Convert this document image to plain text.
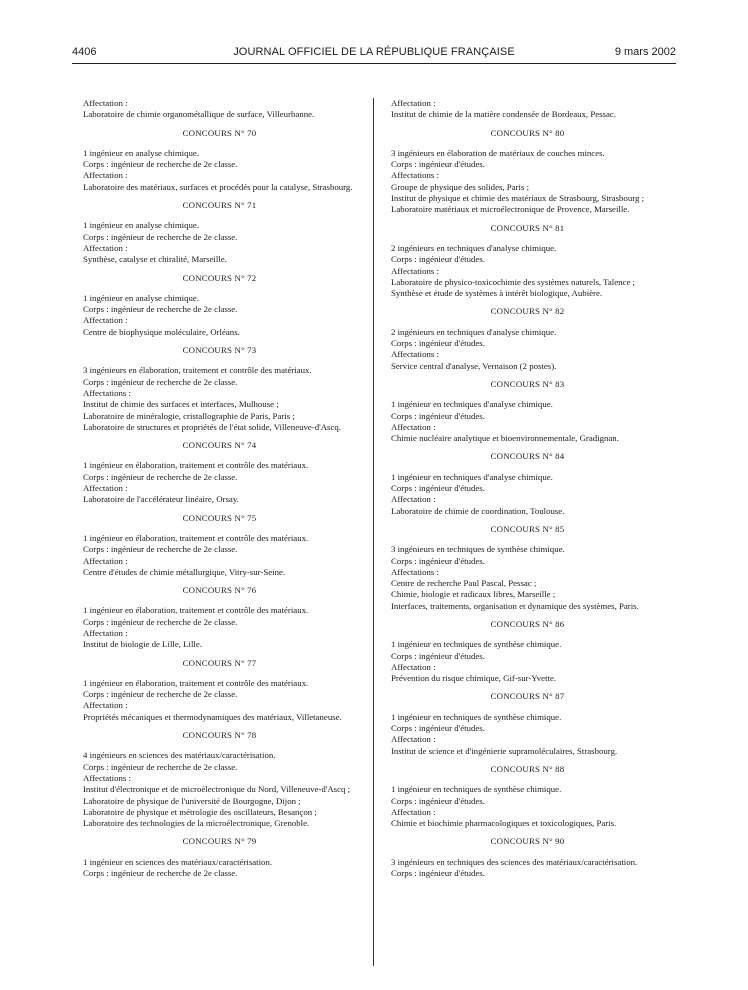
4406	JOURNAL OFFICIEL DE LA RÉPUBLIQUE FRANÇAISE	9 mars 2002
Affectation :
Laboratoire de chimie organométallique de surface, Villeurbanne.
CONCOURS N° 70
1 ingénieur en analyse chimique.
Corps : ingénieur de recherche de 2e classe.
Affectation :
Laboratoire des matériaux, surfaces et procédés pour la catalyse, Strasbourg.
CONCOURS N° 71
1 ingénieur en analyse chimique.
Corps : ingénieur de recherche de 2e classe.
Affectation :
Synthèse, catalyse et chiralité, Marseille.
CONCOURS N° 72
1 ingénieur en analyse chimique.
Corps : ingénieur de recherche de 2e classe.
Affectation :
Centre de biophysique moléculaire, Orléans.
CONCOURS N° 73
3 ingénieurs en élaboration, traitement et contrôle des matériaux.
Corps : ingénieur de recherche de 2e classe.
Affectations :
Institut de chimie des surfaces et interfaces, Mulhouse ;
Laboratoire de minéralogie, cristallographie de Paris, Paris ;
Laboratoire de structures et propriétés de l'état solide, Villeneuve-d'Ascq.
CONCOURS N° 74
1 ingénieur en élaboration, traitement et contrôle des matériaux.
Corps : ingénieur de recherche de 2e classe.
Affectation :
Laboratoire de l'accélérateur linéaire, Orsay.
CONCOURS N° 75
1 ingénieur en élaboration, traitement et contrôle des matériaux.
Corps : ingénieur de recherche de 2e classe.
Affectation :
Centre d'études de chimie métallurgique, Vitry-sur-Seine.
CONCOURS N° 76
1 ingénieur en élaboration, traitement et contrôle des matériaux.
Corps : ingénieur de recherche de 2e classe.
Affectation :
Institut de biologie de Lille, Lille.
CONCOURS N° 77
1 ingénieur en élaboration, traitement et contrôle des matériaux.
Corps : ingénieur de recherche de 2e classe.
Affectation :
Propriétés mécaniques et thermodynamiques des matériaux, Villetaneuse.
CONCOURS N° 78
4 ingénieurs en sciences des matériaux/caractérisation.
Corps : ingénieur de recherche de 2e classe.
Affectations :
Institut d'électronique et de microélectronique du Nord, Villeneuve-d'Ascq ;
Laboratoire de physique de l'université de Bourgogne, Dijon ;
Laboratoire de physique et métrologie des oscillateurs, Besançon ;
Laboratoire des technologies de la microélectronique, Grenoble.
CONCOURS N° 79
1 ingénieur en sciences des matériaux/caractérisation.
Corps : ingénieur de recherche de 2e classe.
Affectation :
Institut de chimie de la matière condensée de Bordeaux, Pessac.
CONCOURS N° 80
3 ingénieurs en élaboration de matériaux de couches minces.
Corps : ingénieur d'études.
Affectations :
Groupe de physique des solides, Paris ;
Institut de physique et chimie des matériaux de Strasbourg, Strasbourg ;
Laboratoire matériaux et microélectronique de Provence, Marseille.
CONCOURS N° 81
2 ingénieurs en techniques d'analyse chimique.
Corps : ingénieur d'études.
Affectations :
Laboratoire de physico-toxicochimie des systèmes naturels, Talence ;
Synthèse et étude de systèmes à intérêt biologique, Aubière.
CONCOURS N° 82
2 ingénieurs en techniques d'analyse chimique.
Corps : ingénieur d'études.
Affectations :
Service central d'analyse, Vernaison (2 postes).
CONCOURS N° 83
1 ingénieur en techniques d'analyse chimique.
Corps : ingénieur d'études.
Affectation :
Chimie nucléaire analytique et bioenvironnementale, Gradignan.
CONCOURS N° 84
1 ingénieur en techniques d'analyse chimique.
Corps : ingénieur d'études.
Affectation :
Laboratoire de chimie de coordination, Toulouse.
CONCOURS N° 85
3 ingénieurs en techniques de synthèse chimique.
Corps : ingénieur d'études.
Affectations :
Centre de recherche Paul Pascal, Pessac ;
Chimie, biologie et radicaux libres, Marseille ;
Interfaces, traitements, organisation et dynamique des systèmes, Paris.
CONCOURS N° 86
1 ingénieur en techniques de synthèse chimique.
Corps : ingénieur d'études.
Affectation :
Prévention du risque chimique, Gif-sur-Yvette.
CONCOURS N° 87
1 ingénieur en techniques de synthèse chimique.
Corps : ingénieur d'études.
Affectation :
Institut de science et d'ingénierie supramoléculaires, Strasbourg.
CONCOURS N° 88
1 ingénieur en techniques de synthèse chimique.
Corps : ingénieur d'études.
Affectation :
Chimie et biochimie pharmacologiques et toxicologiques, Paris.
CONCOURS N° 90
3 ingénieurs en techniques des sciences des matériaux/caractérisation.
Corps : ingénieur d'études.
